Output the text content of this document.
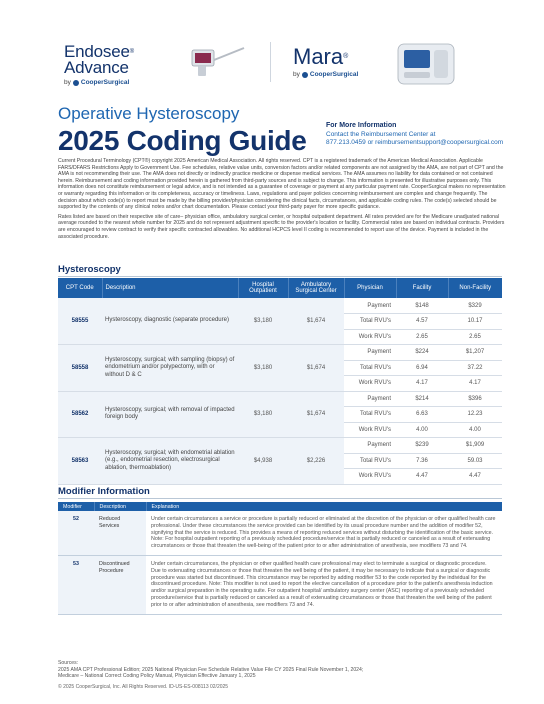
Endosee®
Advance
by CooperSurgical
Mara®
by CooperSurgical
Operative Hysteroscopy
2025 Coding Guide	For More Information
Contact the Reimbursement Center at
877.213.0459 or reimbursementsupport@coopersurgical.com

Current Procedural Terminology (CPT®) copyright 2025 American Medical Association. All rights reserved. CPT is a registered trademark of the American Medical Association. Applicable FARS/DFARS Restrictions Apply to Government Use. Fee schedules, relative value units, conversion factors and/or related components are not assigned by the AMA, are not part of CPT and the AMA is not recommending their use. The AMA does not directly or indirectly practice medicine or dispense medical services. The AMA assumes no liability for data contained or not contained herein. Reimbursement and coding information provided herein is gathered from third-party sources and is subject to change. This information is presented for illustrative purposes only. This information does not constitute reimbursement or legal advice, and is not intended as a guarantee of coverage or payment at any particular payment rate. CooperSurgical makes no representation or warranty regarding this information or its completeness, accuracy or timeliness. Laws, regulations and payer policies concerning reimbursement are complex and change frequently. The decision about which code(s) to report must be made by the billing provider/physician considering the clinical facts, circumstances, and applicable coding rules. The code(s) selected should be supported by the contents of any clinical notes and/or chart documentation. Please contact your third-party payer for more specific guidance.

Rates listed are based on their respective site of care– physician office, ambulatory surgical center, or hospital outpatient department. All rates provided are for the Medicare unadjusted national average rounded to the nearest whole number for 2025 and do not represent adjustment specific to the provider's location or facility. Commercial rates are based on individual contracts. Providers are encouraged to review contract to verify their specific contracted allowables. No additional HCPCS level II coding is recommended to report use of the device. Payment is included in the associated procedure.

Hysteroscopy
CPT Code	Description	Hospital Outpatient	Ambulatory Surgical Center	Physician	Facility	Non-Facility
58555	Hysteroscopy, diagnostic (separate procedure)	$3,180	$1,674	Payment	$148	$329
				Total RVU's	4.57	10.17
				Work RVU's	2.65	2.65
58558	Hysteroscopy, surgical; with sampling (biopsy) of endometrium and/or polypectomy, with or without D & C	$3,180	$1,674	Payment	$224	$1,207
				Total RVU's	6.94	37.22
				Work RVU's	4.17	4.17
58562	Hysteroscopy, surgical; with removal of impacted foreign body	$3,180	$1,674	Payment	$214	$396
				Total RVU's	6.63	12.23
				Work RVU's	4.00	4.00
58563	Hysteroscopy, surgical; with endometrial ablation (e.g., endometrial resection, electrosurgical ablation, thermoablation)	$4,938	$2,226	Payment	$239	$1,909
				Total RVU's	7.36	59.03
				Work RVU's	4.47	4.47
Modifier Information
Modifier	Description	Explanation
52	Reduced Services	Under certain circumstances a service or procedure is partially reduced or eliminated at the discretion of the physician or other qualified health care professional. Under these circumstances the service provided can be identified by its usual procedure number and the addition of modifier 52, signifying that the service is reduced. This provides a means of reporting reduced services without disturbing the identification of the basic service. Note: For hospital outpatient reporting of a previously scheduled procedure/service that is partially reduced or canceled as a result of extenuating circumstances or those that threaten the well-being of the patient prior to or after administration of anesthesia, see modifiers 73 and 74.
53	Discontinued Procedure	Under certain circumstances, the physician or other qualified health care professional may elect to terminate a surgical or diagnostic procedure. Due to extenuating circumstances or those that threaten the well being of the patient, it may be necessary to indicate that a surgical or diagnostic procedure was started but discontinued. This circumstance may be reported by adding modifier 53 to the code reported by the individual for the discontinued procedure. Note: This modifier is not used to report the elective cancellation of a procedure prior to the patient's anesthesia induction and/or surgical preparation in the operating suite. For outpatient hospital/ ambulatory surgery center (ASC) reporting of a previously scheduled procedure/service that is partially reduced or canceled as a result of extenuating circumstances or those that threaten the well being of the patient prior to or after administration of anesthesia, see modifiers 73 and 74.
Sources:
2025 AMA CPT Professional Edition; 2025 National Physician Fee Schedule Relative Value File CY 2025 Final Rule November 1, 2024;
Medicare – National Correct Coding Policy Manual, Physician Effective January 1, 2025
© 2025 CooperSurgical, Inc. All Rights Reserved. ID-US-ES-008113 02/2025
